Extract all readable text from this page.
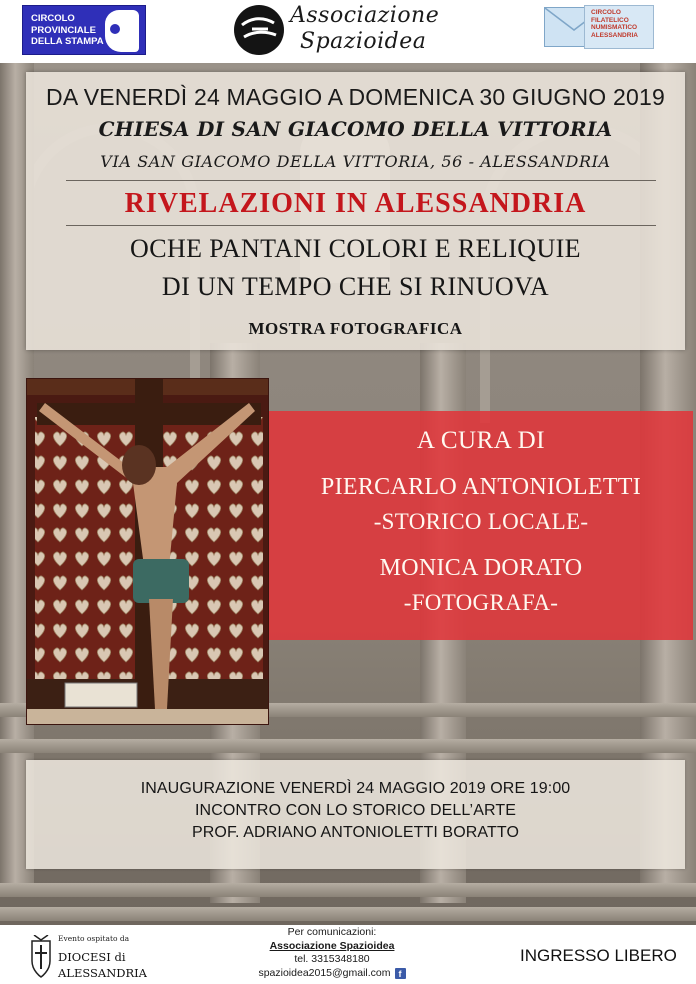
CIRCOLO
PROVINCIALE
DELLA STAMPA
Associazione
Spazioidea
CIRCOLO
FILATELICO
NUMISMATICO
ALESSANDRIA
DA VENERDÌ 24 MAGGIO A DOMENICA 30 GIUGNO 2019
CHIESA DI SAN GIACOMO DELLA VITTORIA
VIA SAN GIACOMO DELLA VITTORIA, 56 - ALESSANDRIA
RIVELAZIONI IN ALESSANDRIA
OCHE PANTANI COLORI E RELIQUIE
DI UN TEMPO CHE SI RINUOVA
MOSTRA FOTOGRAFICA
A CURA DI
PIERCARLO ANTONIOLETTI
-STORICO LOCALE-
MONICA DORATO
-FOTOGRAFA-
INAUGURAZIONE VENERDÌ 24 MAGGIO 2019 ORE 19:00
INCONTRO CON LO STORICO DELL’ARTE
PROF. ADRIANO ANTONIOLETTI BORATTO
Evento ospitato da
DIOCESI di
ALESSANDRIA
Per comunicazioni:
Associazione Spazioidea
tel. 3315348180
spazioidea2015@gmail.com f
INGRESSO LIBERO
